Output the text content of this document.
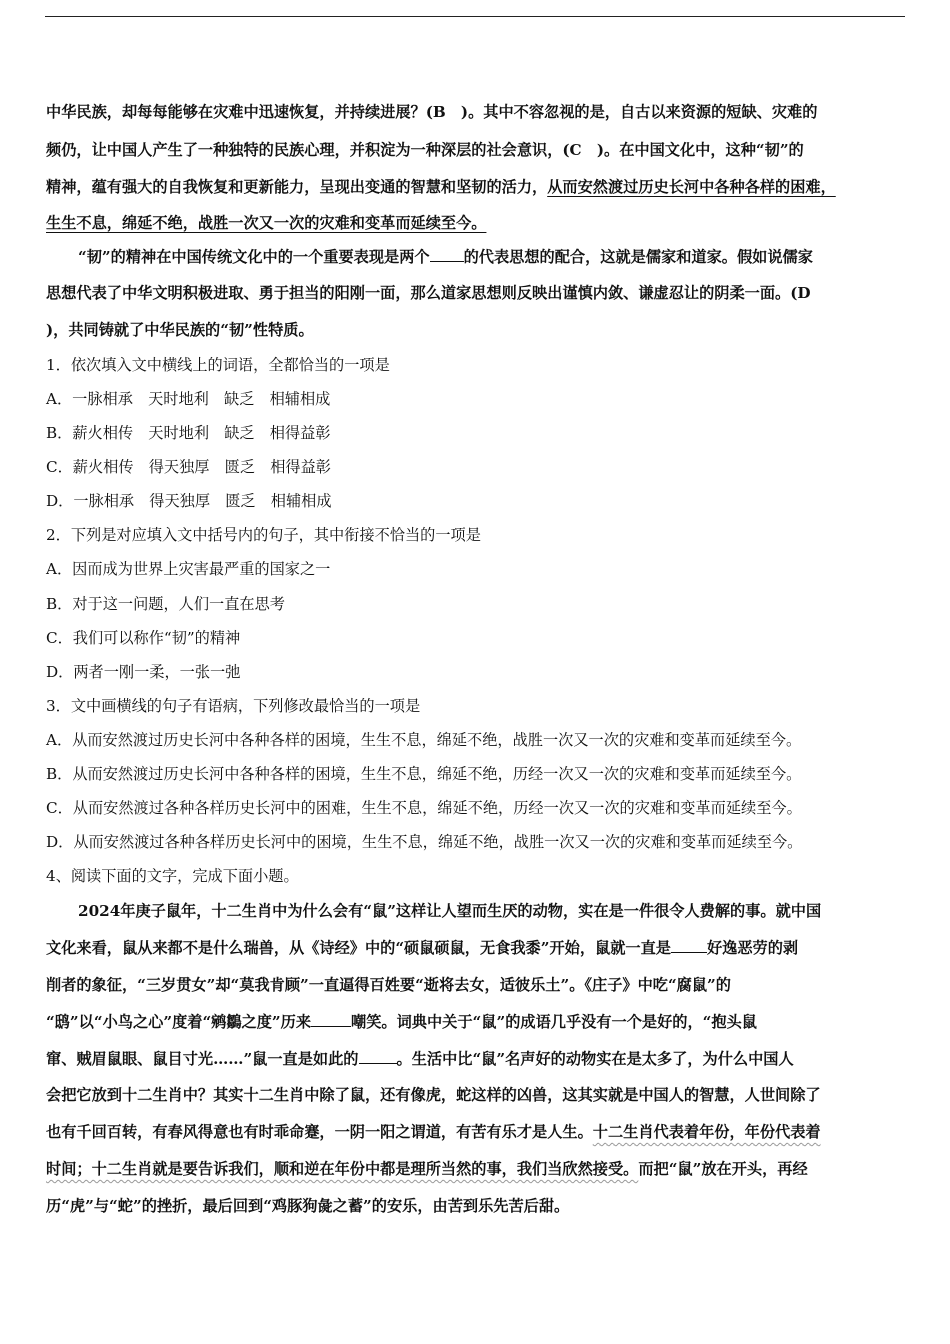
中华民族，却每每能够在灾难中迅速恢复，并持续进展？(B　)。其中不容忽视的是，自古以来资源的短缺、灾难的
频仍，让中国人产生了一种独特的民族心理，并积淀为一种深层的社会意识，(C　)。在中国文化中，这种“韧”的
精神，蕴有强大的自我恢复和更新能力，呈现出变通的智慧和坚韧的活力，从而安然渡过历史长河中各种各样的困难，
生生不息，绵延不绝，战胜一次又一次的灾难和变革而延续至今。
“韧”的精神在中国传统文化中的一个重要表现是两个 的代表思想的配合，这就是儒家和道家。假如说儒家
思想代表了中华文明积极进取、勇于担当的阳刚一面，那么道家思想则反映出谨慎内敛、谦虚忍让的阴柔一面。(D
)，共同铸就了中华民族的“韧”性特质。
1．依次填入文中横线上的词语，全都恰当的一项是
A．一脉相承　天时地利　缺乏　相辅相成
B．薪火相传　天时地利　缺乏　相得益彰
C．薪火相传　得天独厚　匮乏　相得益彰
D．一脉相承　得天独厚　匮乏　相辅相成
2．下列是对应填入文中括号内的句子，其中衔接不恰当的一项是
A．因而成为世界上灾害最严重的国家之一
B．对于这一问题，人们一直在思考
C．我们可以称作“韧”的精神
D．两者一刚一柔，一张一弛
3．文中画横线的句子有语病，下列修改最恰当的一项是
A．从而安然渡过历史长河中各种各样的困境，生生不息，绵延不绝，战胜一次又一次的灾难和变革而延续至今。
B．从而安然渡过历史长河中各种各样的困境，生生不息，绵延不绝，历经一次又一次的灾难和变革而延续至今。
C．从而安然渡过各种各样历史长河中的困难，生生不息，绵延不绝，历经一次又一次的灾难和变革而延续至今。
D．从而安然渡过各种各样历史长河中的困境，生生不息，绵延不绝，战胜一次又一次的灾难和变革而延续至今。
4、阅读下面的文字，完成下面小题。
2024年庚子鼠年，十二生肖中为什么会有“鼠”这样让人望而生厌的动物，实在是一件很令人费解的事。就中国
文化来看，鼠从来都不是什么瑞兽，从《诗经》中的“硕鼠硕鼠，无食我黍”开始，鼠就一直是 好逸恶劳的剥
削者的象征，“三岁贯女”却“莫我肯顾”一直逼得百姓要“逝将去女，适彼乐土”。《庄子》中吃“腐鼠”的
“鸱”以“小鸟之心”度着“鹓鶵之度”历来	嘲笑。词典中关于“鼠”的成语几乎没有一个是好的，“抱头鼠
窜、贼眉鼠眼、鼠目寸光……”鼠一直是如此的	。生活中比“鼠”名声好的动物实在是太多了，为什么中国人
会把它放到十二生肖中？其实十二生肖中除了鼠，还有像虎，蛇这样的凶兽，这其实就是中国人的智慧，人世间除了
也有千回百转，有春风得意也有时乖命蹇，一阴一阳之谓道，有苦有乐才是人生。十二生肖代表着年份，年份代表着
时间；十二生肖就是要告诉我们，顺和逆在年份中都是理所当然的事，我们当欣然接受。而把“鼠”放在开头，再经
历“虎”与“蛇”的挫折，最后回到“鸡豚狗彘之蓄”的安乐，由苦到乐先苦后甜。
